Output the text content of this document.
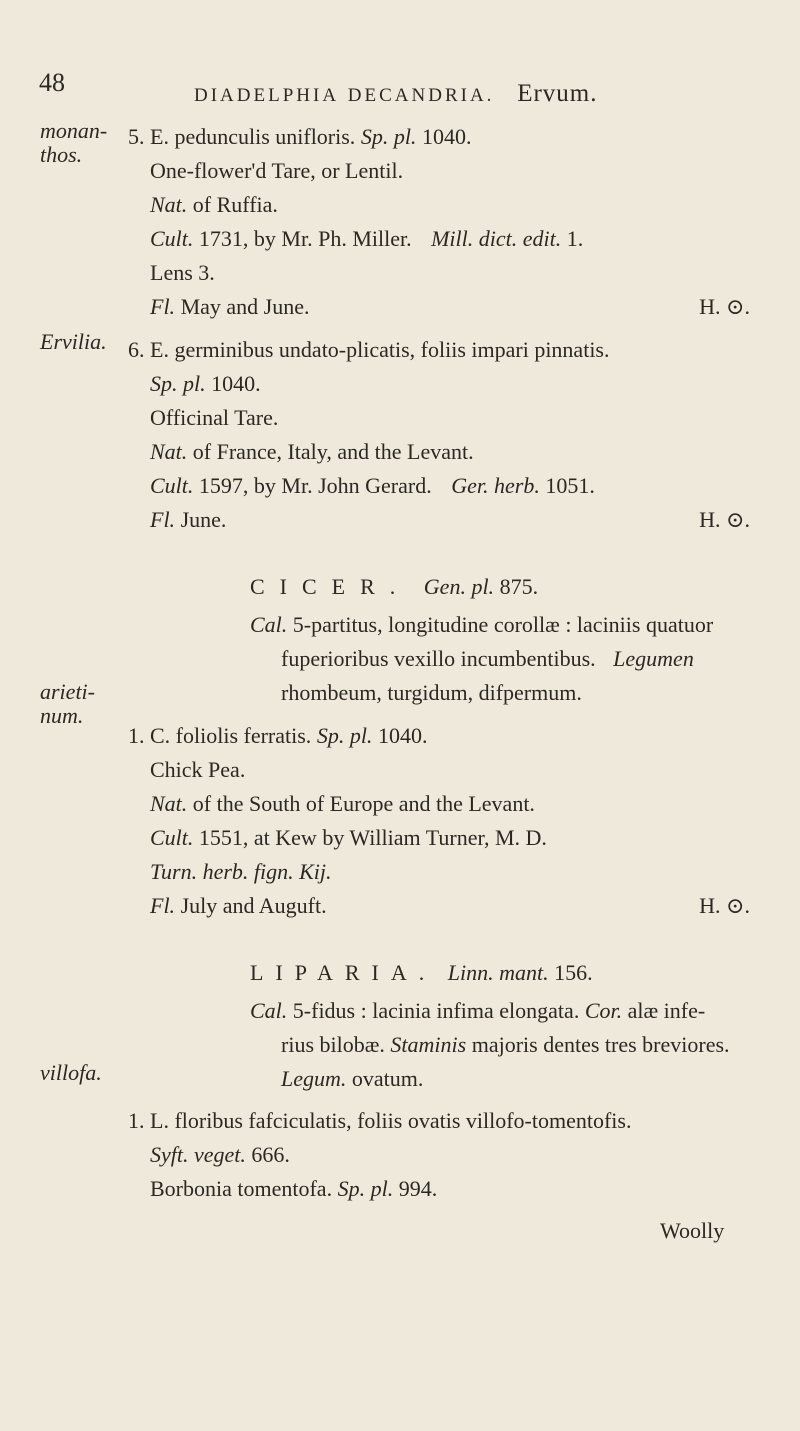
48	DIADELPHIA DECANDRIA. Ervum.
monan-
thos.
Ervilia.
arieti-
num.
villofa.
5. E. pedunculis unifloris. Sp. pl. 1040.
One-flower'd Tare, or Lentil.
Nat. of Ruffia.
Cult. 1731, by Mr. Ph. Miller. Mill. dict. edit. 1.
Lens 3.
Fl. May and June.	H. ⊙.
6. E. germinibus undato-plicatis, foliis impari pinnatis.
Sp. pl. 1040.
Officinal Tare.
Nat. of France, Italy, and the Levant.
Cult. 1597, by Mr. John Gerard. Ger. herb. 1051.
Fl. June.	H. ⊙.
CICER. Gen. pl. 875.
Cal. 5-partitus, longitudine corollæ : laciniis quatuor
fuperioribus vexillo incumbentibus. Legumen
rhombeum, turgidum, difpermum.
1. C. foliolis ferratis. Sp. pl. 1040.
Chick Pea.
Nat. of the South of Europe and the Levant.
Cult. 1551, at Kew by William Turner, M. D.
Turn. herb. fign. Kij.
Fl. July and Auguft.	H. ⊙.
LIPARIA. Linn. mant. 156.
Cal. 5-fidus : lacinia infima elongata. Cor. alæ infe-
rius bilobæ. Staminis majoris dentes tres breviores.
Legum. ovatum.
1. L. floribus fafciculatis, foliis ovatis villofo-tomentofis.
Syft. veget. 666.
Borbonia tomentofa. Sp. pl. 994.
Woolly
